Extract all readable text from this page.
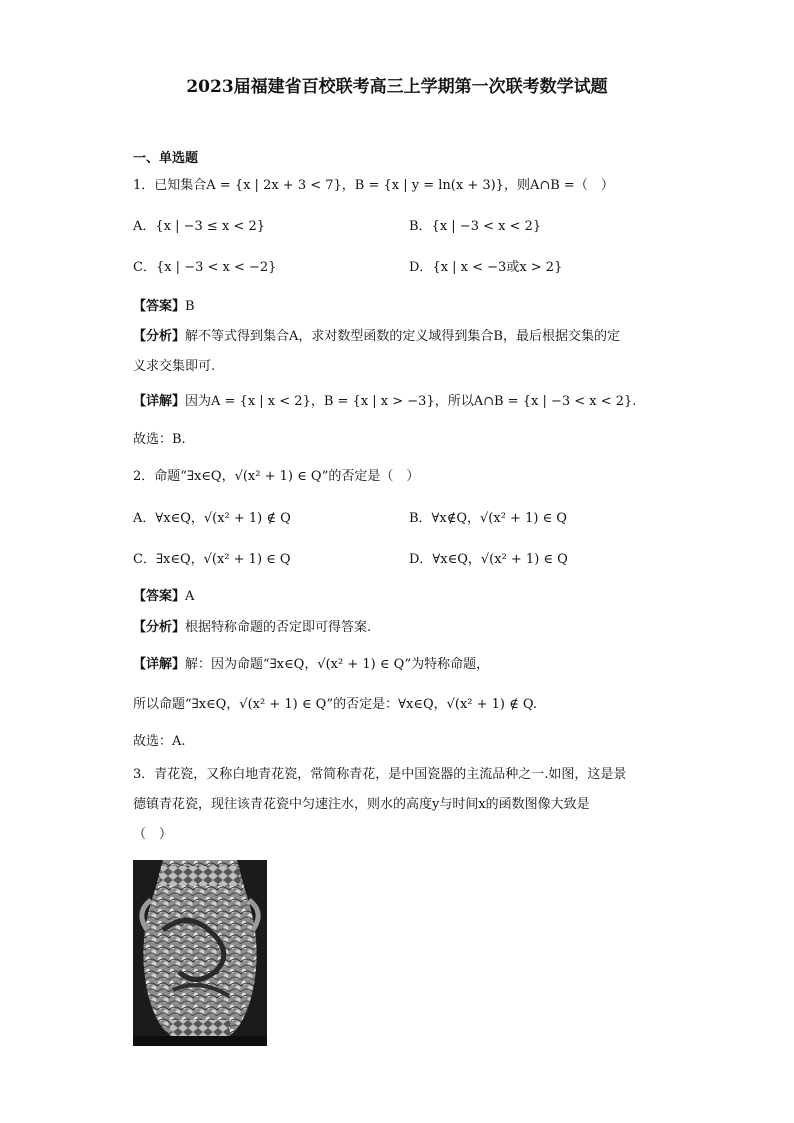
2023届福建省百校联考高三上学期第一次联考数学试题
一、单选题
1．已知集合A = {x | 2x + 3 < 7}，B = {x | y = ln(x + 3)}，则A∩B =（　）
A．{x | −3 ≤ x < 2}	B．{x | −3 < x < 2}
C．{x | −3 < x < −2}	D．{x | x < −3或x > 2}
【答案】B
【分析】解不等式得到集合A，求对数型函数的定义域得到集合B，最后根据交集的定
义求交集即可.
【详解】因为A = {x | x < 2}，B = {x | x > −3}，所以A∩B = {x | −3 < x < 2}.
故选：B.
2．命题“∃x∈Q，√(x² + 1) ∈ Q”的否定是（　）
A．∀x∈Q，√(x² + 1) ∉ Q	B．∀x∉Q，√(x² + 1) ∈ Q
C．∃x∈Q，√(x² + 1) ∈ Q	D．∀x∈Q，√(x² + 1) ∈ Q
【答案】A
【分析】根据特称命题的否定即可得答案.
【详解】解：因为命题“∃x∈Q，√(x² + 1) ∈ Q”为特称命题，
所以命题“∃x∈Q，√(x² + 1) ∈ Q”的否定是：∀x∈Q，√(x² + 1) ∉ Q.
故选：A.
3．青花瓷，又称白地青花瓷，常简称青花，是中国瓷器的主流品种之一.如图，这是景
德镇青花瓷，现往该青花瓷中匀速注水，则水的高度y与时间x的函数图像大致是
（　）
